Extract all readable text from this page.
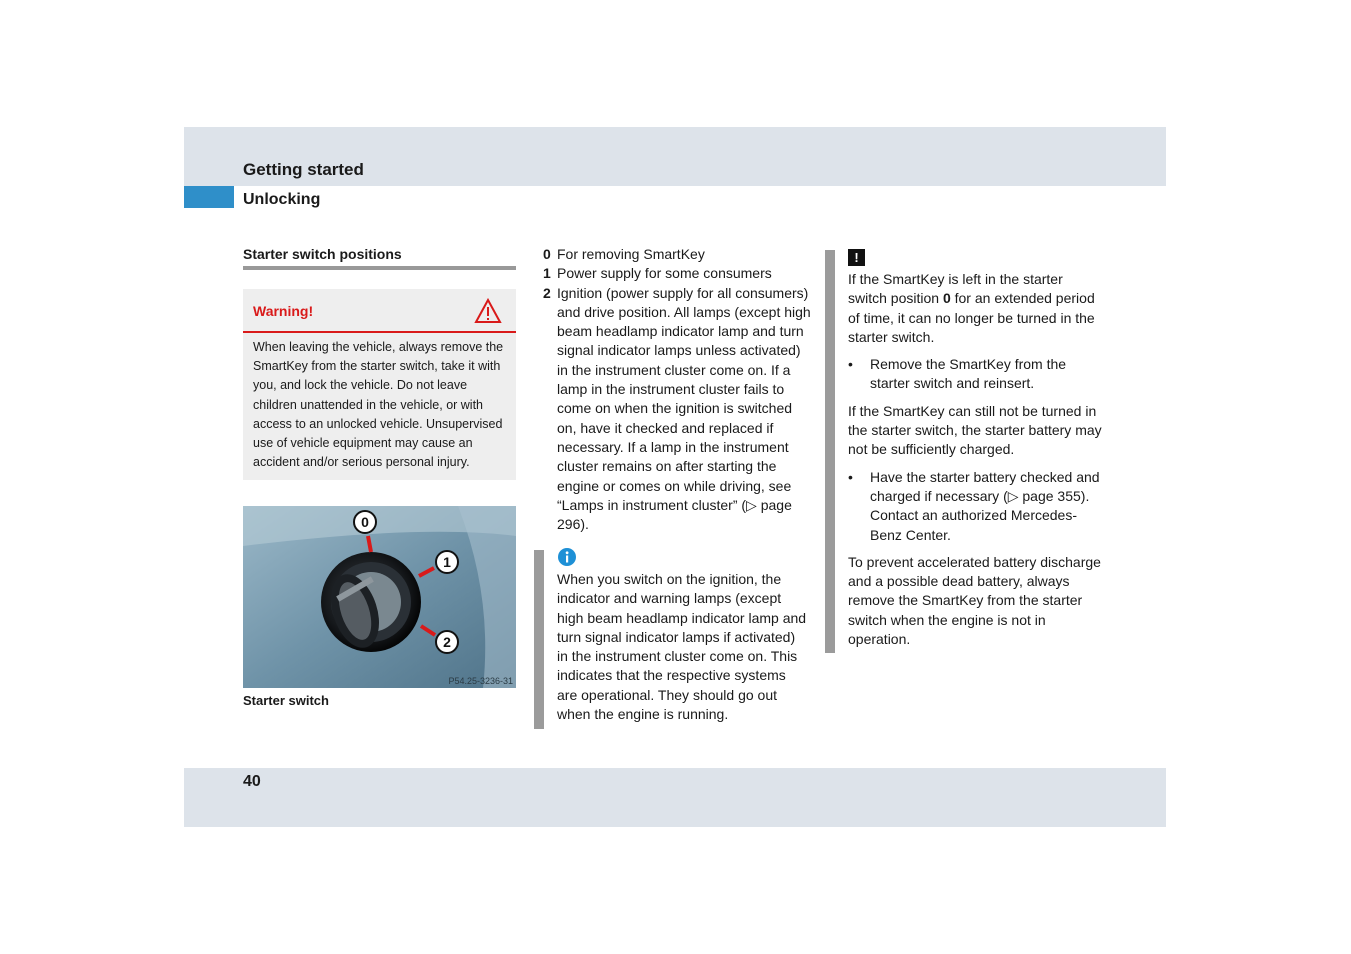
Getting started
Unlocking
Starter switch positions
Warning!

When leaving the vehicle, always remove the SmartKey from the starter switch, take it with you, and lock the vehicle. Do not leave children unattended in the vehicle, or with access to an unlocked vehicle. Unsupervised use of vehicle equipment may cause an accident and/or serious personal injury.

0
1
2
P54.25-3236-31
Starter switch

0 For removing SmartKey

1 Power supply for some consumers

2 Ignition (power supply for all consumers) and drive position. All lamps (except high beam headlamp indicator lamp and turn signal indicator lamps unless activated) in the instrument cluster come on. If a lamp in the instrument cluster fails to come on when the ignition is switched on, have it checked and replaced if necessary. If a lamp in the instrument cluster remains on after starting the engine or comes on while driving, see “Lamps in instrument cluster” (▷ page 296).

When you switch on the ignition, the indicator and warning lamps (except high beam headlamp indicator lamp and turn signal indicator lamps if activated) in the instrument cluster come on. This indicates that the respective systems are operational. They should go out when the engine is running.

!

If the SmartKey is left in the starter switch position 0 for an extended period of time, it can no longer be turned in the starter switch.

• Remove the SmartKey from the starter switch and reinsert.

If the SmartKey can still not be turned in the starter switch, the starter battery may not be sufficiently charged.

• Have the starter battery checked and charged if necessary (▷ page 355). Contact an authorized Mercedes-Benz Center.

To prevent accelerated battery discharge and a possible dead battery, always remove the SmartKey from the starter switch when the engine is not in operation.

40
